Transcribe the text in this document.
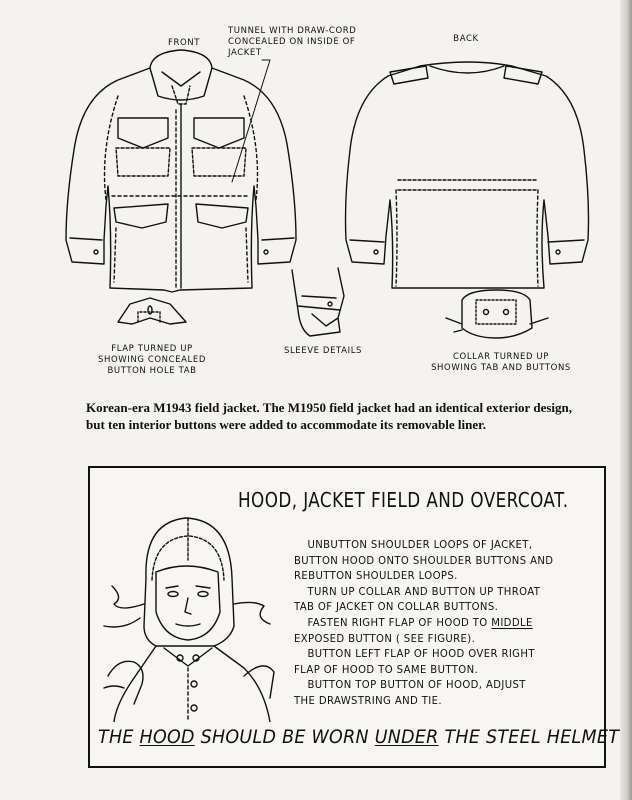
FRONT	BACK
TUNNEL WITH DRAW-CORD
CONCEALED ON INSIDE OF
JACKET
FLAP TURNED UP
SHOWING CONCEALED
BUTTON HOLE TAB
SLEEVE DETAILS
COLLAR TURNED UP
SHOWING TAB AND BUTTONS
Korean-era M1943 field jacket. The M1950 field jacket had an identical exterior design, but ten interior buttons were added to accommodate its removable liner.
HOOD, JACKET FIELD AND OVERCOAT.

UNBUTTON SHOULDER LOOPS OF JACKET,

BUTTON HOOD ONTO SHOULDER BUTTONS AND

REBUTTON SHOULDER LOOPS.

TURN UP COLLAR AND BUTTON UP THROAT

TAB OF JACKET ON COLLAR BUTTONS.

FASTEN RIGHT FLAP OF HOOD TO MIDDLE

EXPOSED BUTTON ( SEE FIGURE).

BUTTON LEFT FLAP OF HOOD OVER RIGHT

FLAP OF HOOD TO SAME BUTTON.

BUTTON TOP BUTTON OF HOOD, ADJUST

THE DRAWSTRING AND TIE.

THE HOOD SHOULD BE WORN UNDER THE STEEL HELMET
